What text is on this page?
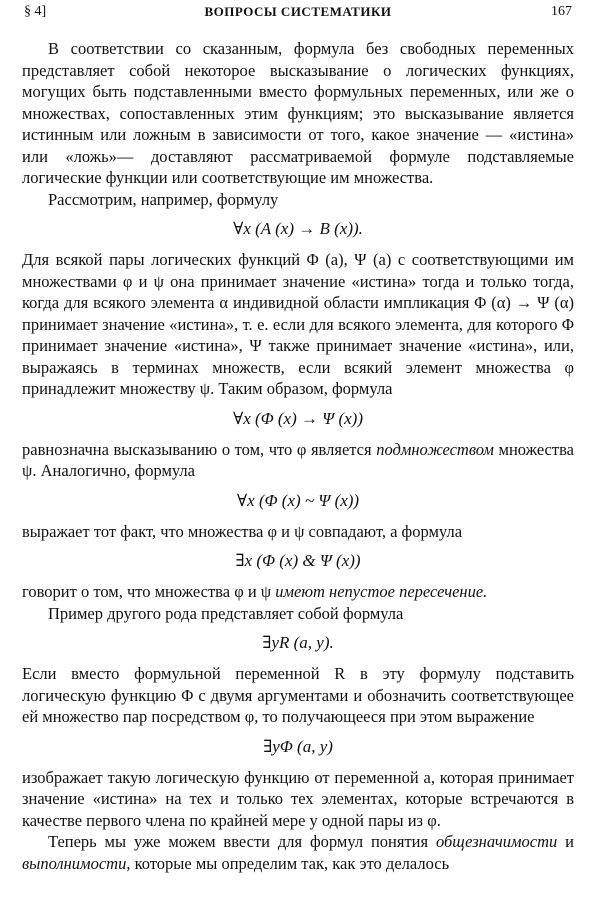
§ 4]	ВОПРОСЫ СИСТЕМАТИКИ	167

В соответствии со сказанным, формула без свободных переменных представляет собой некоторое высказывание о логических функциях, могущих быть подставленными вместо формульных переменных, или же о множествах, сопоставленных этим функциям; это высказывание является истинным или ложным в зависимости от того, какое значение — «истина» или «ложь»— доставляют рассматриваемой формуле подставляемые логические функции или соответствующие им множества.

Рассмотрим, например, формулу

∀x (A (x) → B (x)).

Для всякой пары логических функций Φ (a), Ψ (a) с соответствующими им множествами φ и ψ она принимает значение «истина» тогда и только тогда, когда для всякого элемента α индивидной области импликация Φ (α) → Ψ (α) принимает значение «истина», т. е. если для всякого элемента, для которого Φ принимает значение «истина», Ψ также принимает значение «истина», или, выражаясь в терминах множеств, если всякий элемент множества φ принадлежит множеству ψ. Таким образом, формула

∀x (Φ (x) → Ψ (x))

равнозначна высказыванию о том, что φ является подмножеством множества ψ. Аналогично, формула

∀x (Φ (x) ~ Ψ (x))

выражает тот факт, что множества φ и ψ совпадают, а формула

∃x (Φ (x) & Ψ (x))

говорит о том, что множества φ и ψ имеют непустое пересечение.

Пример другого рода представляет собой формула

∃yR (a, y).

Если вместо формульной переменной R в эту формулу подставить логическую функцию Φ с двумя аргументами и обозначить соответствующее ей множество пар посредством φ, то получающееся при этом выражение

∃yΦ (a, y)

изображает такую логическую функцию от переменной a, которая принимает значение «истина» на тех и только тех элементах, которые встречаются в качестве первого члена по крайней мере у одной пары из φ.

Теперь мы уже можем ввести для формул понятия общезначимости и выполнимости, которые мы определим так, как это делалось
